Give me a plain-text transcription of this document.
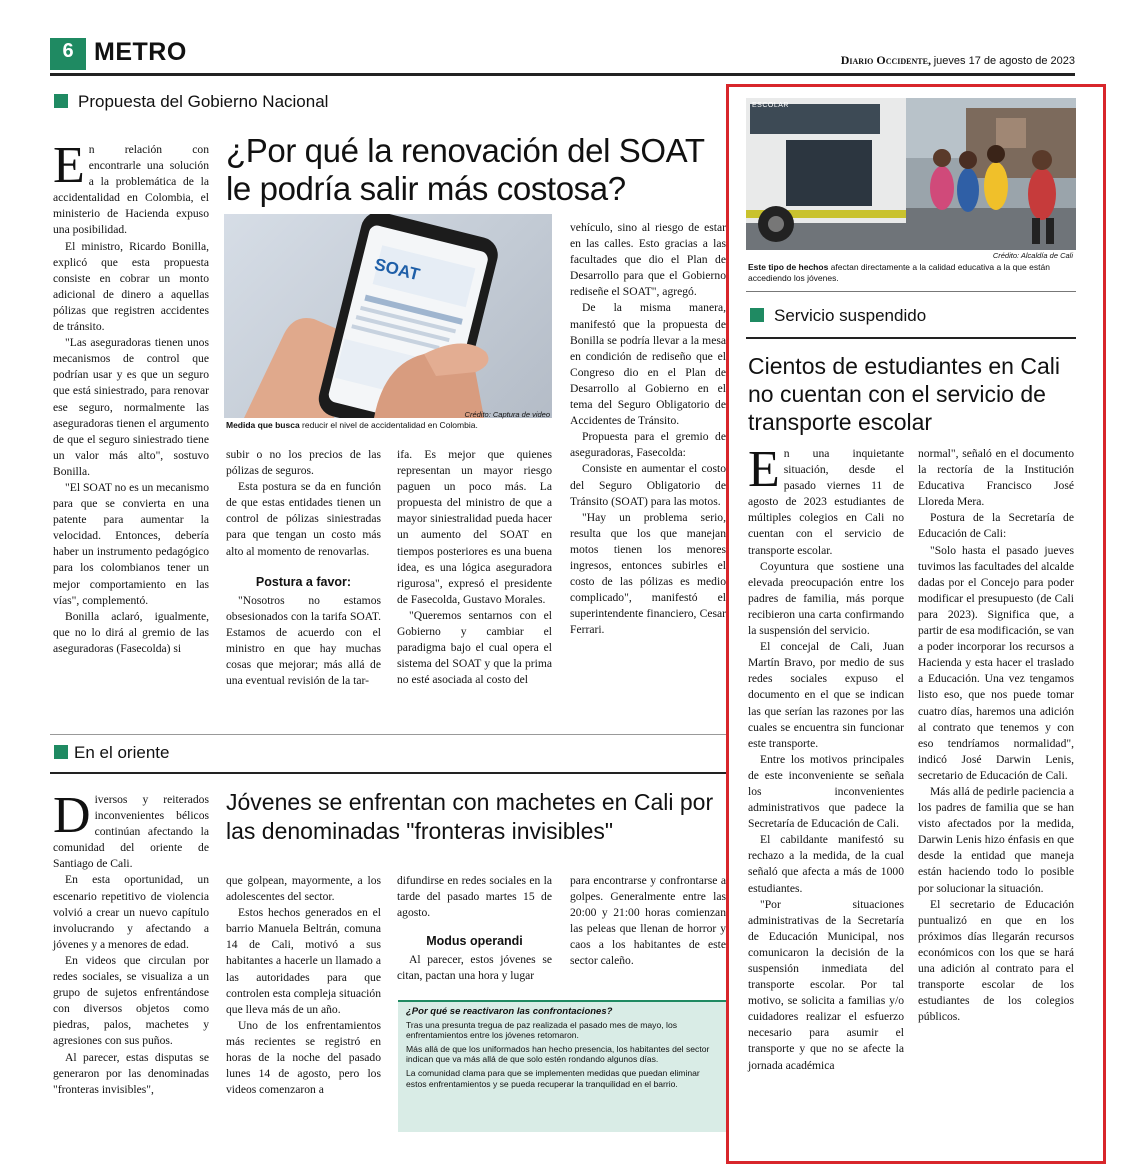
6 METRO	Diario Occidente, jueves 17 de agosto de 2023
Propuesta del Gobierno Nacional
¿Por qué la renovación del SOAT le podría salir más costosa?
SOAT
Crédito: Captura de video
Medida que busca reducir el nivel de accidentalidad en Colombia.

En relación con encontrarle una solución a la problemática de la accidentalidad en Colombia, el ministerio de Hacienda expuso una posibilidad.

El ministro, Ricardo Bonilla, explicó que esta propuesta consiste en cobrar un monto adicional de dinero a aquellas pólizas que registren accidentes de tránsito.

"Las aseguradoras tienen unos mecanismos de control que podrían usar y es que un seguro que está siniestrado, para renovar ese seguro, normalmente las aseguradoras tienen el argumento de que el seguro siniestrado tiene un valor más alto", sostuvo Bonilla.

"El SOAT no es un mecanismo para que se convierta en una patente para aumentar la velocidad. Entonces, debería haber un instrumento pedagógico para los colombianos tener un mejor comportamiento en las vías", complementó.

Bonilla aclaró, igualmente, que no lo dirá al gremio de las aseguradoras (Fasecolda) si

subir o no los precios de las pólizas de seguros.

Esta postura se da en función de que estas entidades tienen un control de pólizas siniestradas para que tengan un costo más alto al momento de renovarlas.

Postura a favor:

"Nosotros no estamos obsesionados con la tarifa SOAT. Estamos de acuerdo con el ministro en que hay muchas cosas que mejorar; más allá de una eventual revisión de la tar-

ifa. Es mejor que quienes representan un mayor riesgo paguen un poco más. La propuesta del ministro de que a mayor siniestralidad pueda hacer un aumento del SOAT en tiempos posteriores es una buena idea, es una lógica aseguradora rigurosa", expresó el presidente de Fasecolda, Gustavo Morales.

"Queremos sentarnos con el Gobierno y cambiar el paradigma bajo el cual opera el sistema del SOAT y que la prima no esté asociada al costo del

vehículo, sino al riesgo de estar en las calles. Esto gracias a las facultades que dio el Plan de Desarrollo para que el Gobierno rediseñe el SOAT", agregó.

De la misma manera, manifestó que la propuesta de Bonilla se podría llevar a la mesa en condición de rediseño que el Congreso dio en el Plan de Desarrollo al Gobierno en el tema del Seguro Obligatorio de Accidentes de Tránsito.

Propuesta para el gremio de aseguradoras, Fasecolda:

Consiste en aumentar el costo del Seguro Obligatorio de Tránsito (SOAT) para las motos.

"Hay un problema serio, resulta que los que manejan motos tienen los menores ingresos, entonces subirles el costo de las pólizas es medio complicado", manifestó el superintendente financiero, Cesar Ferrari.

En el oriente
Jóvenes se enfrentan con machetes en Cali por las denominadas "fronteras invisibles"

Diversos y reiterados inconvenientes bélicos continúan afectando la comunidad del oriente de Santiago de Cali.

En esta oportunidad, un escenario repetitivo de violencia volvió a crear un nuevo capítulo involucrando y afectando a jóvenes y a menores de edad.

En videos que circulan por redes sociales, se visualiza a un grupo de sujetos enfrentándose con diversos objetos como piedras, palos, machetes y agresiones con sus puños.

Al parecer, estas disputas se generaron por las denominadas "fronteras invisibles",

que golpean, mayormente, a los adolescentes del sector.

Estos hechos generados en el barrio Manuela Beltrán, comuna 14 de Cali, motivó a sus habitantes a hacerle un llamado a las autoridades para que controlen esta compleja situación que lleva más de un año.

Uno de los enfrentamientos más recientes se registró en horas de la noche del pasado lunes 14 de agosto, pero los videos comenzaron a

difundirse en redes sociales en la tarde del pasado martes 15 de agosto.

Modus operandi

Al parecer, estos jóvenes se citan, pactan una hora y lugar

para encontrarse y confrontarse a golpes. Generalmente entre las 20:00 y 21:00 horas comienzan las peleas que llenan de horror y caos a los habitantes de este sector caleño.

¿Por qué se reactivaron las confrontaciones?
Tras una presunta tregua de paz realizada el pasado mes de mayo, los enfrentamientos entre los jóvenes retomaron.
Más allá de que los uniformados han hecho presencia, los habitantes del sector indican que va más allá de que solo estén rondando algunos días.
La comunidad clama para que se implementen medidas que puedan eliminar estos enfrentamientos y se pueda recuperar la tranquilidad en el barrio.
ESCOLAR
Crédito: Alcaldía de Cali
Este tipo de hechos afectan directamente a la calidad educativa a la que están accediendo los jóvenes.
Servicio suspendido
Cientos de estudiantes en Cali no cuentan con el servicio de transporte escolar

En una inquietante situación, desde el pasado viernes 11 de agosto de 2023 estudiantes de múltiples colegios en Cali no cuentan con el servicio de transporte escolar.

Coyuntura que sostiene una elevada preocupación entre los padres de familia, más porque recibieron una carta confirmando la suspensión del servicio.

El concejal de Cali, Juan Martín Bravo, por medio de sus redes sociales expuso el documento en el que se indican las que serían las razones por las cuales se encuentra sin funcionar este transporte.

Entre los motivos principales de este inconveniente se señala los inconvenientes administrativos que padece la Secretaría de Educación de Cali.

El cabildante manifestó su rechazo a la medida, de la cual señaló que afecta a más de 1000 estudiantes.

"Por situaciones administrativas de la Secretaría de Educación Municipal, nos comunicaron la decisión de la suspensión inmediata del transporte escolar. Por tal motivo, se solicita a familias y/o cuidadores realizar el esfuerzo necesario para asumir el transporte y que no se afecte la jornada académica

normal", señaló en el documento la rectoría de la Institución Educativa Francisco José Lloreda Mera.

Postura de la Secretaría de Educación de Cali:

"Solo hasta el pasado jueves tuvimos las facultades del alcalde dadas por el Concejo para poder modificar el presupuesto (de Cali para 2023). Significa que, a partir de esa modificación, se van a poder incorporar los recursos a Hacienda y esta hacer el traslado a Educación. Una vez tengamos listo eso, que nos puede tomar cuatro días, haremos una adición al contrato que tenemos y con eso tendríamos normalidad", indicó José Darwin Lenis, secretario de Educación de Cali.

Más allá de pedirle paciencia a los padres de familia que se han visto afectados por la medida, Darwin Lenis hizo énfasis en que desde la entidad que maneja están haciendo todo lo posible por solucionar la situación.

El secretario de Educación puntualizó en que en los próximos días llegarán recursos económicos con los que se hará una adición al contrato para el transporte escolar de los estudiantes de los colegios públicos.
